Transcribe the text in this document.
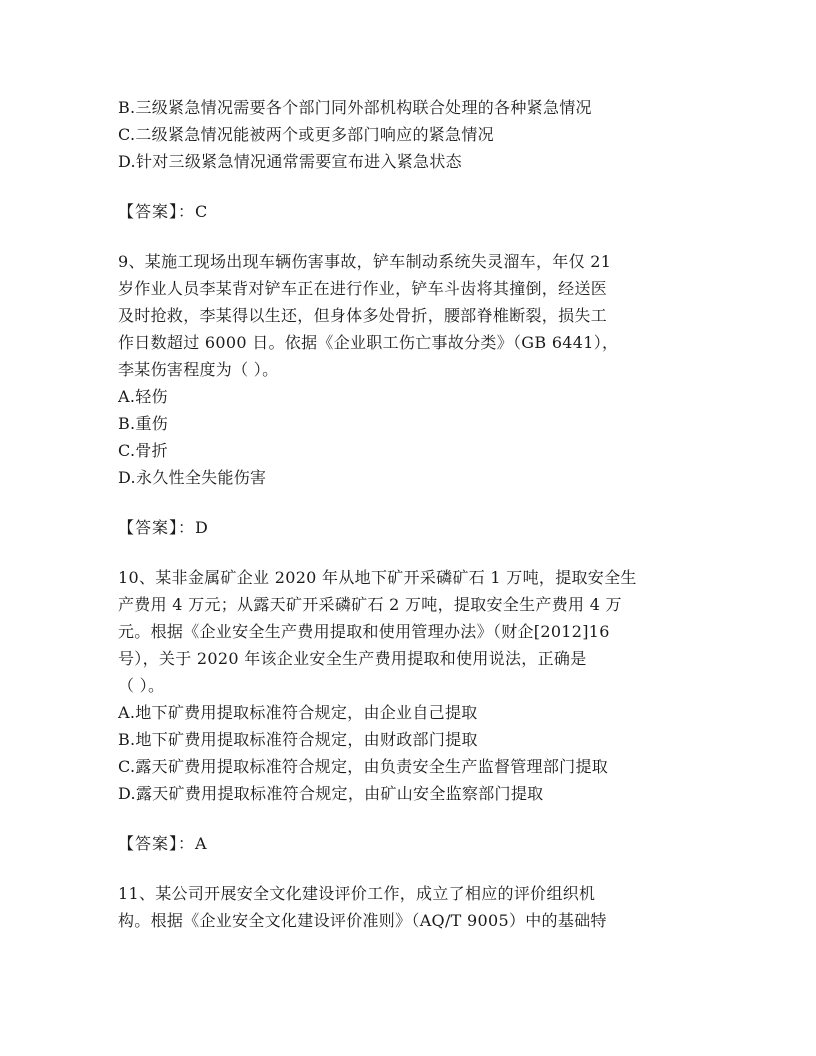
B.三级紧急情况需要各个部门同外部机构联合处理的各种紧急情况
C.二级紧急情况能被两个或更多部门响应的紧急情况
D.针对三级紧急情况通常需要宣布进入紧急状态
【答案】：C
9、某施工现场出现车辆伤害事故，铲车制动系统失灵溜车，年仅 21
岁作业人员李某背对铲车正在进行作业，铲车斗齿将其撞倒，经送医
及时抢救，李某得以生还，但身体多处骨折，腰部脊椎断裂，损失工
作日数超过 6000 日。依据《企业职工伤亡事故分类》（GB 6441），
李某伤害程度为（ ）。
A.轻伤
B.重伤
C.骨折
D.永久性全失能伤害
【答案】：D
10、某非金属矿企业 2020 年从地下矿开采磷矿石 1 万吨，提取安全生
产费用 4 万元；从露天矿开采磷矿石 2 万吨，提取安全生产费用 4 万
元。根据《企业安全生产费用提取和使用管理办法》（财企[2012]16
号），关于 2020 年该企业安全生产费用提取和使用说法，正确是
（ ）。
A.地下矿费用提取标准符合规定，由企业自己提取
B.地下矿费用提取标准符合规定，由财政部门提取
C.露天矿费用提取标准符合规定，由负责安全生产监督管理部门提取
D.露天矿费用提取标准符合规定，由矿山安全监察部门提取
【答案】：A
11、某公司开展安全文化建设评价工作，成立了相应的评价组织机
构。根据《企业安全文化建设评价准则》（AQ/T 9005）中的基础特
